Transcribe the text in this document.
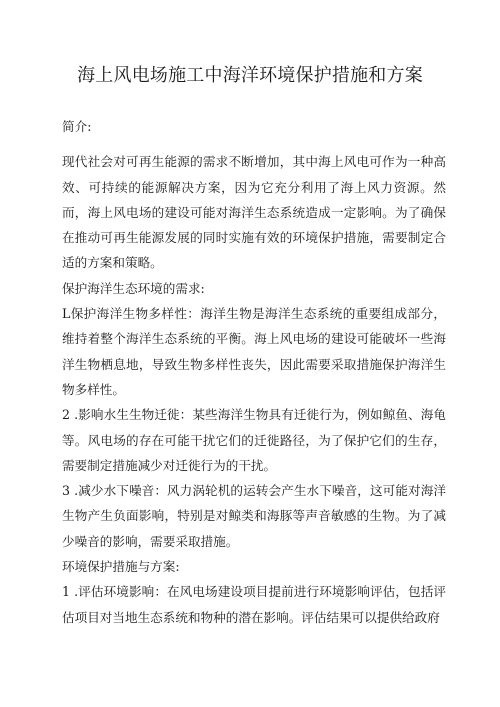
海上风电场施工中海洋环境保护措施和方案

简介:

现代社会对可再生能源的需求不断增加，其中海上风电可作为一种高效、可持续的能源解决方案，因为它充分利用了海上风力资源。然而，海上风电场的建设可能对海洋生态系统造成一定影响。为了确保在推动可再生能源发展的同时实施有效的环境保护措施，需要制定合适的方案和策略。

保护海洋生态环境的需求:

L保护海洋生物多样性：海洋生物是海洋生态系统的重要组成部分，维持着整个海洋生态系统的平衡。海上风电场的建设可能破坏一些海洋生物栖息地，导致生物多样性丧失，因此需要采取措施保护海洋生物多样性。

2 .影响水生生物迁徙：某些海洋生物具有迁徙行为，例如鲸鱼、海龟等。风电场的存在可能干扰它们的迁徙路径，为了保护它们的生存，需要制定措施减少对迁徙行为的干扰。

3 .减少水下噪音：风力涡轮机的运转会产生水下噪音，这可能对海洋生物产生负面影响，特别是对鲸类和海豚等声音敏感的生物。为了减少噪音的影响，需要采取措施。

环境保护措施与方案:

1 .评估环境影响：在风电场建设项目提前进行环境影响评估，包括评估项目对当地生态系统和物种的潜在影响。评估结果可以提供给政府
